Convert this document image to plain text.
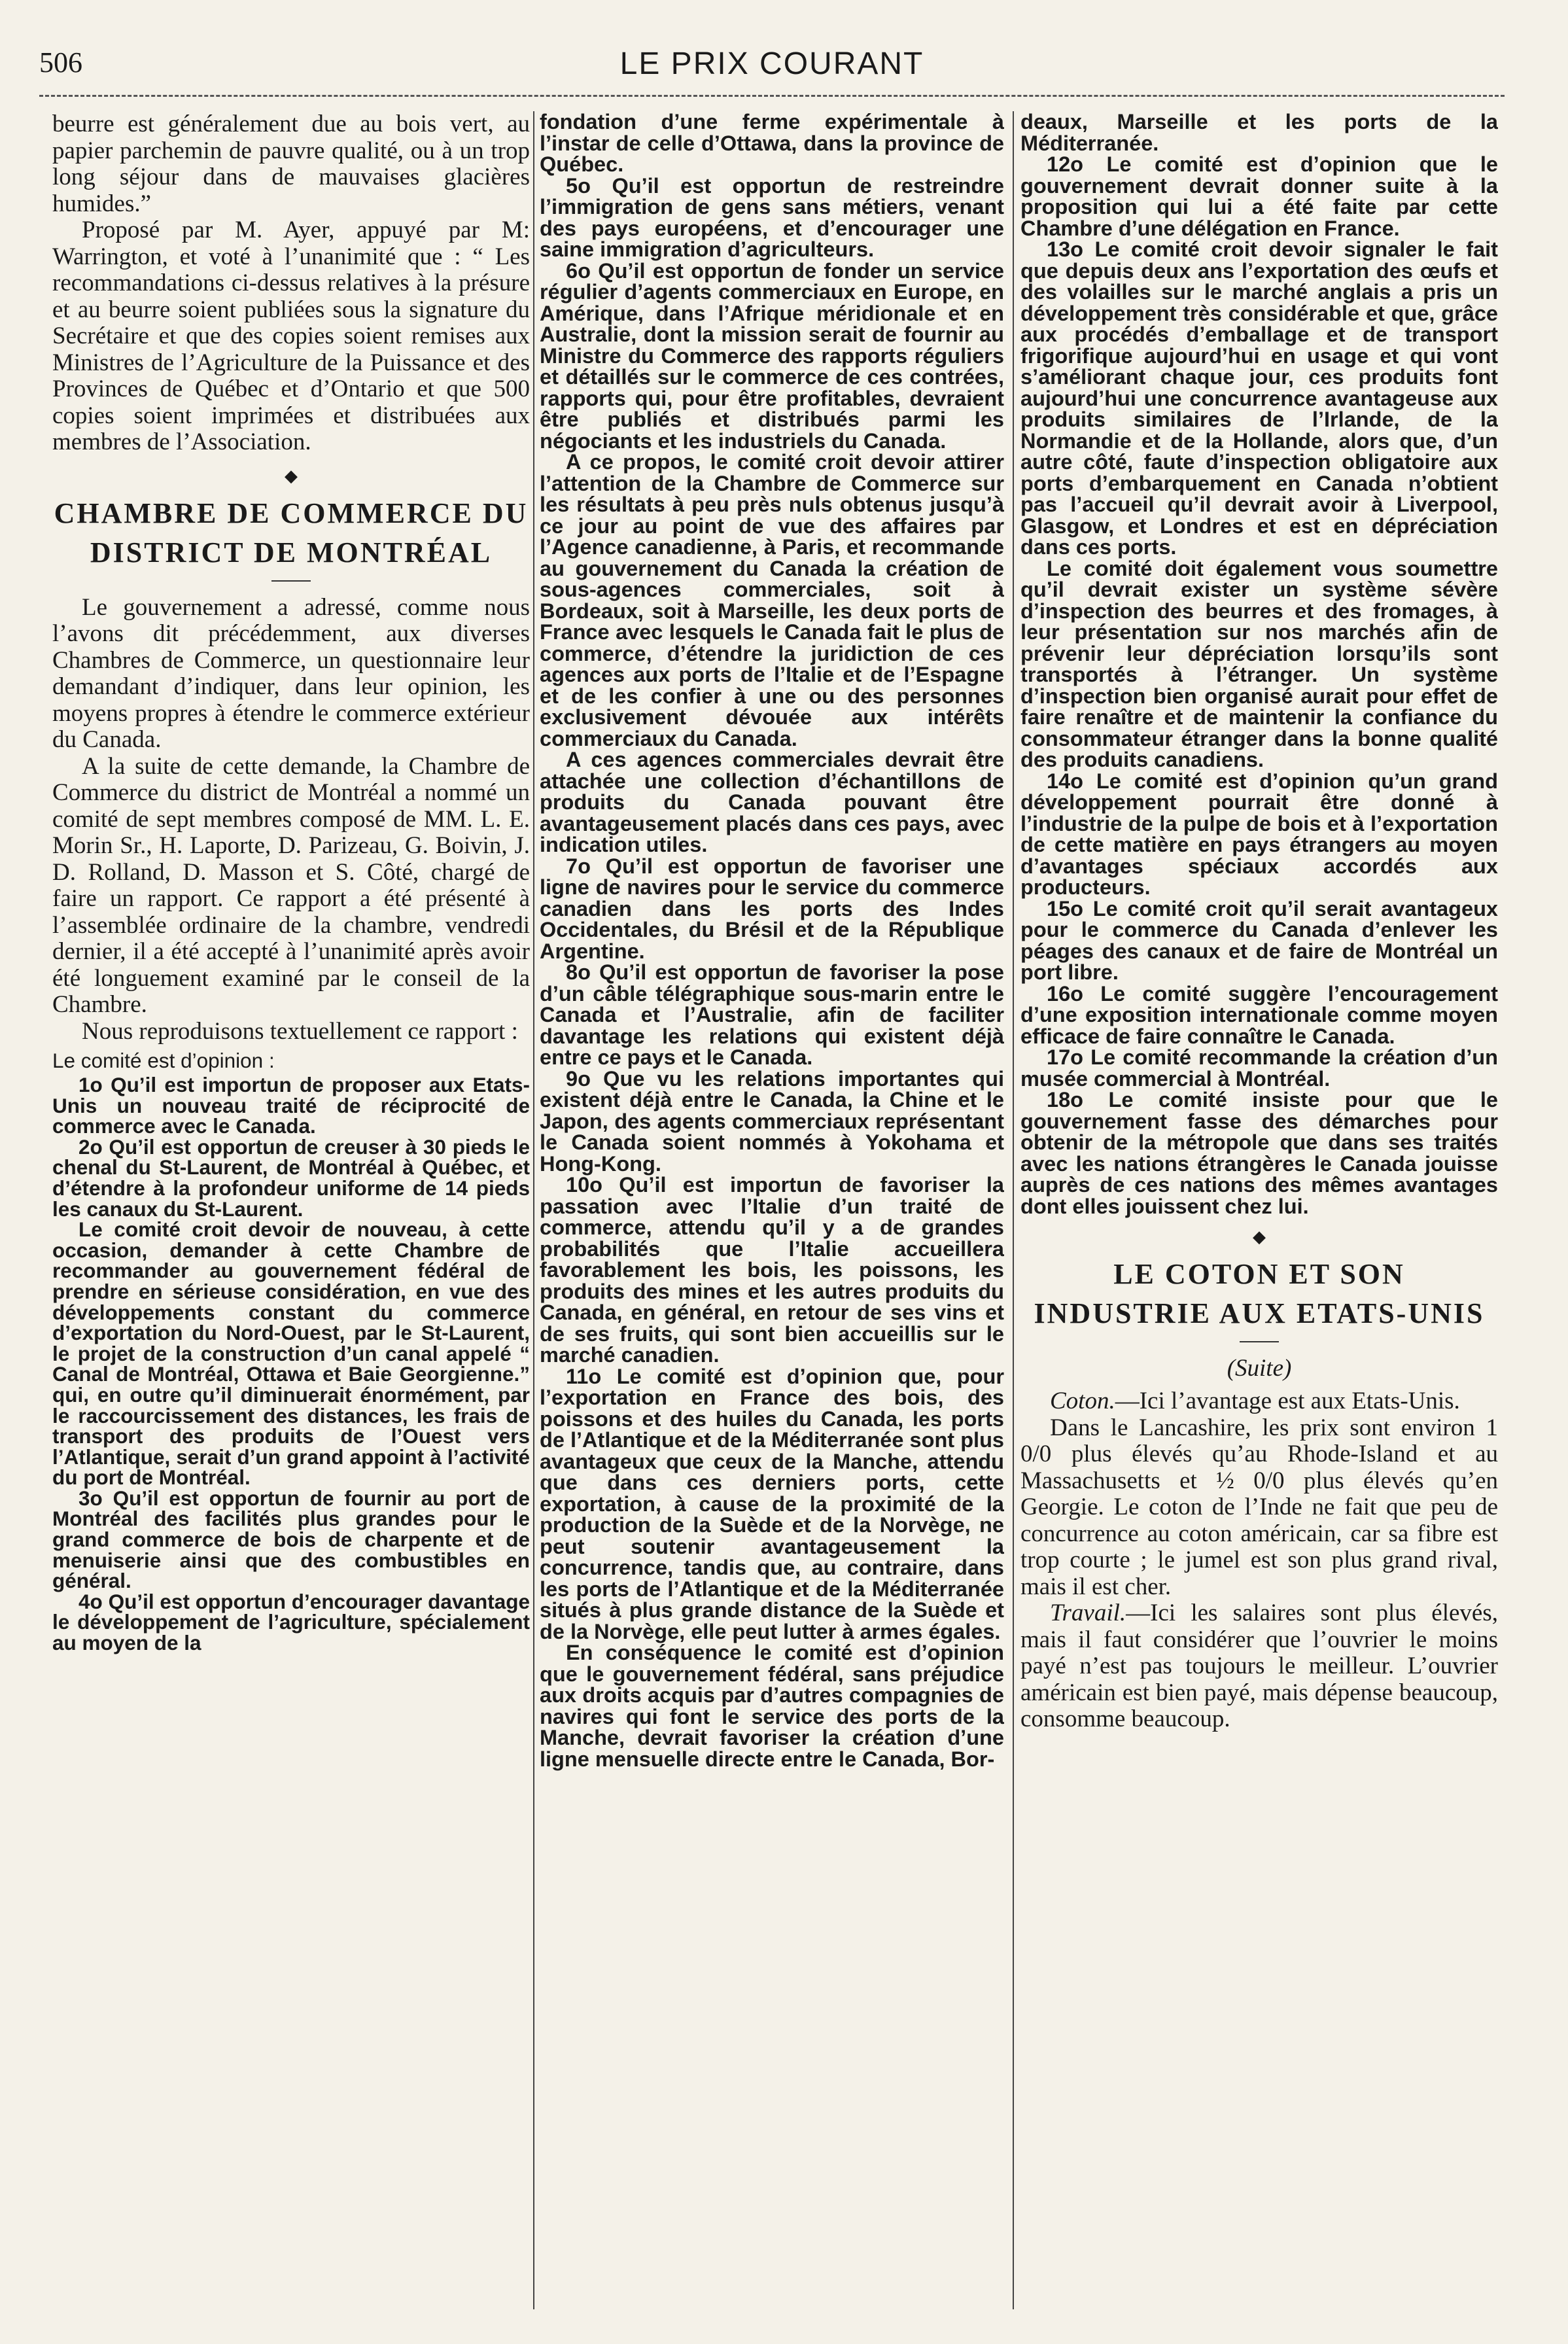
506	LE PRIX COURANT

beurre est généralement due au bois vert, au papier parchemin de pauvre qualité, ou à un trop long séjour dans de mauvaises glacières humides.”

Proposé par M. Ayer, appuyé par M: Warrington, et voté à l’unanimité que : “ Les recommandations ci-dessus relatives à la présure et au beurre soient publiées sous la signature du Secrétaire et que des copies soient remises aux Ministres de l’Agriculture de la Puissance et des Provinces de Québec et d’Ontario et que 500 copies soient imprimées et distribuées aux membres de l’Association.

◆
CHAMBRE DE COMMERCE DU DISTRICT DE MONTRÉAL

Le gouvernement a adressé, comme nous l’avons dit précédemment, aux diverses Chambres de Commerce, un questionnaire leur demandant d’indiquer, dans leur opinion, les moyens propres à étendre le commerce extérieur du Canada.

A la suite de cette demande, la Chambre de Commerce du district de Montréal a nommé un comité de sept membres composé de MM. L. E. Morin Sr., H. Laporte, D. Parizeau, G. Boivin, J. D. Rolland, D. Masson et S. Côté, chargé de faire un rapport. Ce rapport a été présenté à l’assemblée ordinaire de la chambre, vendredi dernier, il a été accepté à l’unanimité après avoir été longuement examiné par le conseil de la Chambre.

Nous reproduisons textuellement ce rapport :

Le comité est d’opinion :

1o Qu’il est importun de proposer aux Etats-Unis un nouveau traité de réciprocité de commerce avec le Canada.

2o Qu’il est opportun de creuser à 30 pieds le chenal du St-Laurent, de Montréal à Québec, et d’étendre à la profondeur uniforme de 14 pieds les canaux du St-Laurent.

Le comité croit devoir de nouveau, à cette occasion, demander à cette Chambre de recommander au gouvernement fédéral de prendre en sérieuse considération, en vue des développements constant du commerce d’exportation du Nord-Ouest, par le St-Laurent, le projet de la construction d’un canal appelé “ Canal de Montréal, Ottawa et Baie Georgienne.” qui, en outre qu’il diminuerait énormément, par le raccourcissement des distances, les frais de transport des produits de l’Ouest vers l’Atlantique, serait d’un grand appoint à l’activité du port de Montréal.

3o Qu’il est opportun de fournir au port de Montréal des facilités plus grandes pour le grand commerce de bois de charpente et de menuiserie ainsi que des combustibles en général.

4o Qu’il est opportun d’encourager davantage le développement de l’agriculture, spécialement au moyen de la

fondation d’une ferme expérimentale à l’instar de celle d’Ottawa, dans la province de Québec.

5o Qu’il est opportun de restreindre l’immigration de gens sans métiers, venant des pays européens, et d’encourager une saine immigration d’agriculteurs.

6o Qu’il est opportun de fonder un service régulier d’agents commerciaux en Europe, en Amérique, dans l’Afrique méridionale et en Australie, dont la mission serait de fournir au Ministre du Commerce des rapports réguliers et détaillés sur le commerce de ces contrées, rapports qui, pour être profitables, devraient être publiés et distribués parmi les négociants et les industriels du Canada.

A ce propos, le comité croit devoir attirer l’attention de la Chambre de Commerce sur les résultats à peu près nuls obtenus jusqu’à ce jour au point de vue des affaires par l’Agence canadienne, à Paris, et recommande au gouvernement du Canada la création de sous-agences commerciales, soit à Bordeaux, soit à Marseille, les deux ports de France avec lesquels le Canada fait le plus de commerce, d’étendre la juridiction de ces agences aux ports de l’Italie et de l’Espagne et de les confier à une ou des personnes exclusivement dévouée aux intérêts commerciaux du Canada.

A ces agences commerciales devrait être attachée une collection d’échantillons de produits du Canada pouvant être avantageusement placés dans ces pays, avec indication utiles.

7o Qu’il est opportun de favoriser une ligne de navires pour le service du commerce canadien dans les ports des Indes Occidentales, du Brésil et de la République Argentine.

8o Qu’il est opportun de favoriser la pose d’un câble télégraphique sous-marin entre le Canada et l’Australie, afin de faciliter davantage les relations qui existent déjà entre ce pays et le Canada.

9o Que vu les relations importantes qui existent déjà entre le Canada, la Chine et le Japon, des agents commerciaux représentant le Canada soient nommés à Yokohama et Hong-Kong.

10o Qu’il est importun de favoriser la passation avec l’Italie d’un traité de commerce, attendu qu’il y a de grandes probabilités que l’Italie accueillera favorablement les bois, les poissons, les produits des mines et les autres produits du Canada, en général, en retour de ses vins et de ses fruits, qui sont bien accueillis sur le marché canadien.

11o Le comité est d’opinion que, pour l’exportation en France des bois, des poissons et des huiles du Canada, les ports de l’Atlantique et de la Méditerranée sont plus avantageux que ceux de la Manche, attendu que dans ces derniers ports, cette exportation, à cause de la proximité de la production de la Suède et de la Norvège, ne peut soutenir avantageusement la concurrence, tandis que, au contraire, dans les ports de l’Atlantique et de la Méditerranée situés à plus grande distance de la Suède et de la Norvège, elle peut lutter à armes égales.

En conséquence le comité est d’opinion que le gouvernement fédéral, sans préjudice aux droits acquis par d’autres compagnies de navires qui font le service des ports de la Manche, devrait favoriser la création d’une ligne mensuelle directe entre le Canada, Bor-

deaux, Marseille et les ports de la Méditerranée.

12o Le comité est d’opinion que le gouvernement devrait donner suite à la proposition qui lui a été faite par cette Chambre d’une délégation en France.

13o Le comité croit devoir signaler le fait que depuis deux ans l’exportation des œufs et des volailles sur le marché anglais a pris un développement très considérable et que, grâce aux procédés d’emballage et de transport frigorifique aujourd’hui en usage et qui vont s’améliorant chaque jour, ces produits font aujourd’hui une concurrence avantageuse aux produits similaires de l’Irlande, de la Normandie et de la Hollande, alors que, d’un autre côté, faute d’inspection obligatoire aux ports d’embarquement en Canada n’obtient pas l’accueil qu’il devrait avoir à Liverpool, Glasgow, et Londres et est en dépréciation dans ces ports.

Le comité doit également vous soumettre qu’il devrait exister un système sévère d’inspection des beurres et des fromages, à leur présentation sur nos marchés afin de prévenir leur dépréciation lorsqu’ils sont transportés à l’étranger. Un système d’inspection bien organisé aurait pour effet de faire renaître et de maintenir la confiance du consommateur étranger dans la bonne qualité des produits canadiens.

14o Le comité est d’opinion qu’un grand développement pourrait être donné à l’industrie de la pulpe de bois et à l’exportation de cette matière en pays étrangers au moyen d’avantages spéciaux accordés aux producteurs.

15o Le comité croit qu’il serait avantageux pour le commerce du Canada d’enlever les péages des canaux et de faire de Montréal un port libre.

16o Le comité suggère l’encouragement d’une exposition internationale comme moyen efficace de faire connaître le Canada.

17o Le comité recommande la création d’un musée commercial à Montréal.

18o Le comité insiste pour que le gouvernement fasse des démarches pour obtenir de la métropole que dans ses traités avec les nations étrangères le Canada jouisse auprès de ces nations des mêmes avantages dont elles jouissent chez lui.

◆
LE COTON ET SON INDUSTRIE AUX ETATS-UNIS
(Suite)

Coton.—Ici l’avantage est aux Etats-Unis.

Dans le Lancashire, les prix sont environ 1 0/0 plus élevés qu’au Rhode-Island et au Massachusetts et ½ 0/0 plus élevés qu’en Georgie. Le coton de l’Inde ne fait que peu de concurrence au coton américain, car sa fibre est trop courte ; le jumel est son plus grand rival, mais il est cher.

Travail.—Ici les salaires sont plus élevés, mais il faut considérer que l’ouvrier le moins payé n’est pas toujours le meilleur. L’ouvrier américain est bien payé, mais dépense beaucoup, consomme beaucoup.
